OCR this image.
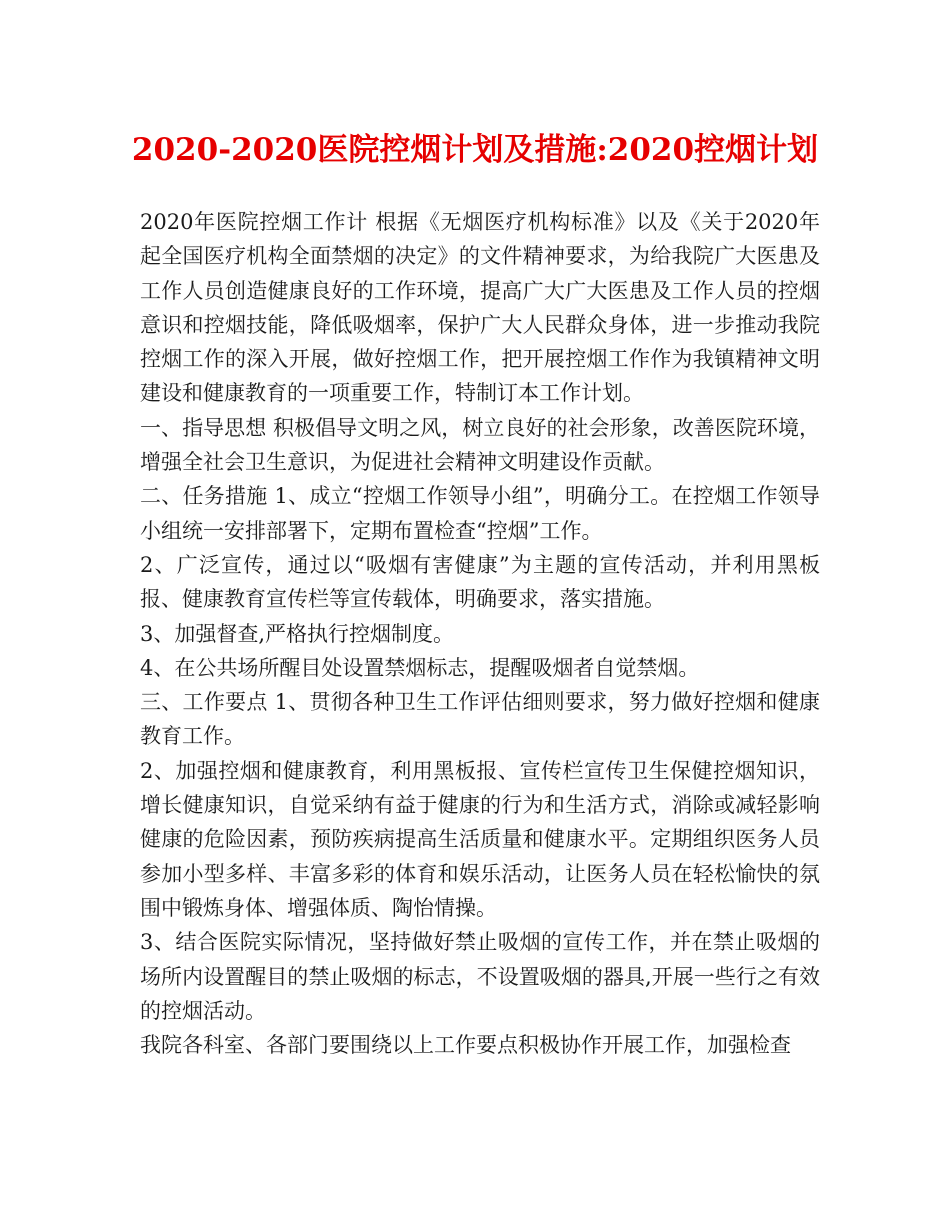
2020-2020医院控烟计划及措施:2020控烟计划

2020年医院控烟工作计 根据《无烟医疗机构标准》以及《关于2020年起全国医疗机构全面禁烟的决定》的文件精神要求，为给我院广大医患及工作人员创造健康良好的工作环境，提高广大广大医患及工作人员的控烟意识和控烟技能，降低吸烟率，保护广大人民群众身体，进一步推动我院控烟工作的深入开展，做好控烟工作，把开展控烟工作作为我镇精神文明建设和健康教育的一项重要工作，特制订本工作计划。

一、指导思想 积极倡导文明之风，树立良好的社会形象，改善医院环境，增强全社会卫生意识，为促进社会精神文明建设作贡献。

二、任务措施 1、成立“控烟工作领导小组”，明确分工。在控烟工作领导小组统一安排部署下，定期布置检查“控烟”工作。

2、广泛宣传，通过以“吸烟有害健康”为主题的宣传活动，并利用黑板报、健康教育宣传栏等宣传载体，明确要求，落实措施。

3、加强督查,严格执行控烟制度。

4、在公共场所醒目处设置禁烟标志，提醒吸烟者自觉禁烟。

三、工作要点 1、贯彻各种卫生工作评估细则要求，努力做好控烟和健康教育工作。

2、加强控烟和健康教育，利用黑板报、宣传栏宣传卫生保健控烟知识，增长健康知识，自觉采纳有益于健康的行为和生活方式，消除或减轻影响健康的危险因素，预防疾病提高生活质量和健康水平。定期组织医务人员参加小型多样、丰富多彩的体育和娱乐活动，让医务人员在轻松愉快的氛围中锻炼身体、增强体质、陶怡情操。

3、结合医院实际情况，坚持做好禁止吸烟的宣传工作，并在禁止吸烟的场所内设置醒目的禁止吸烟的标志，不设置吸烟的器具,开展一些行之有效的控烟活动。

我院各科室、各部门要围绕以上工作要点积极协作开展工作，加强检查
